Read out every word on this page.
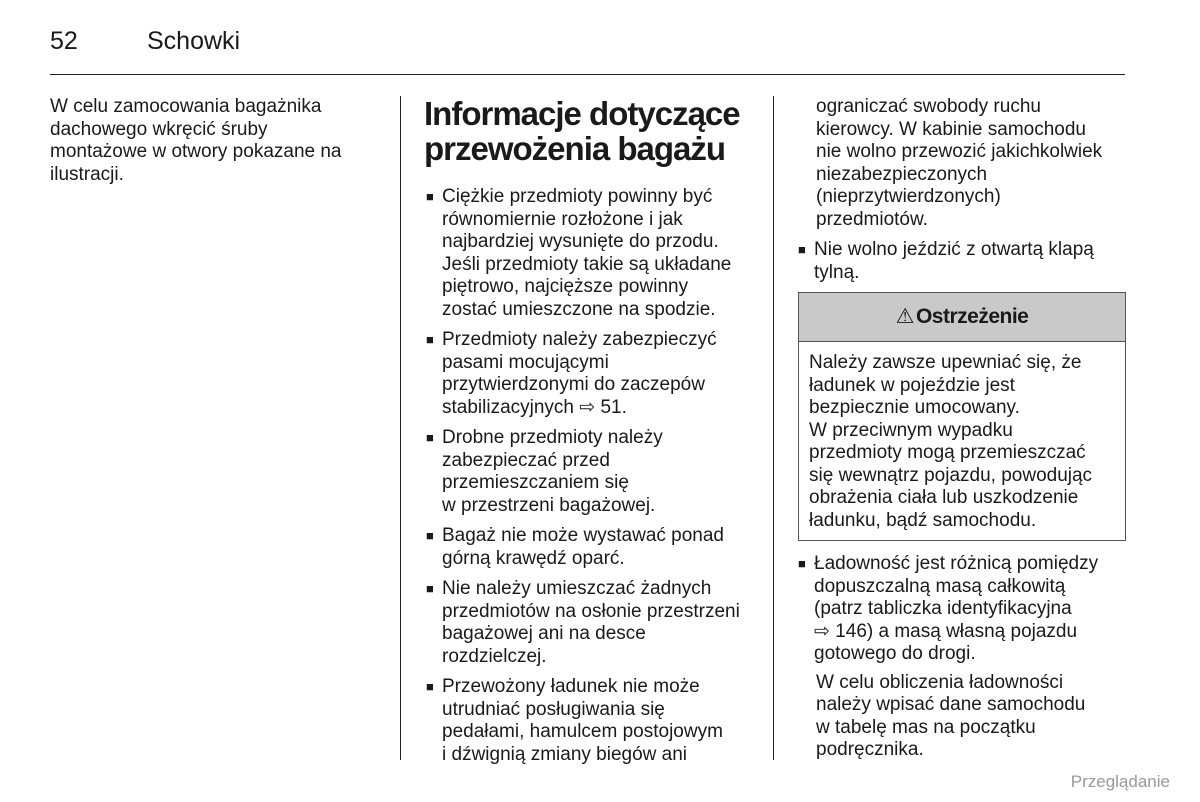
52	Schowki

W celu zamocowania bagażnika
dachowego wkręcić śruby
montażowe w otwory pokazane na
ilustracji.

Informacje dotyczące
przewożenia bagażu
■ Ciężkie przedmioty powinny być
równomiernie rozłożone i jak
najbardziej wysunięte do przodu.
Jeśli przedmioty takie są układane
piętrowo, najcięższe powinny
zostać umieszczone na spodzie.
■ Przedmioty należy zabezpieczyć
pasami mocującymi
przytwierdzonymi do zaczepów
stabilizacyjnych ⇨ 51.
■ Drobne przedmioty należy
zabezpieczać przed
przemieszczaniem się
w przestrzeni bagażowej.
■ Bagaż nie może wystawać ponad
górną krawędź oparć.
■ Nie należy umieszczać żadnych
przedmiotów na osłonie przestrzeni
bagażowej ani na desce
rozdzielczej.
■ Przewożony ładunek nie może
utrudniać posługiwania się
pedałami, hamulcem postojowym
i dźwignią zmiany biegów ani

ograniczać swobody ruchu
kierowcy. W kabinie samochodu
nie wolno przewozić jakichkolwiek
niezabezpieczonych
(nieprzytwierdzonych)
przedmiotów.

■ Nie wolno jeździć z otwartą klapą
tylną.
⚠ Ostrzeżenie
Należy zawsze upewniać się, że
ładunek w pojeździe jest
bezpiecznie umocowany.
W przeciwnym wypadku
przedmioty mogą przemieszczać
się wewnątrz pojazdu, powodując
obrażenia ciała lub uszkodzenie
ładunku, bądź samochodu.
■ Ładowność jest różnicą pomiędzy
dopuszczalną masą całkowitą
(patrz tabliczka identyfikacyjna
⇨ 146) a masą własną pojazdu
gotowego do drogi.

W celu obliczenia ładowności
należy wpisać dane samochodu
w tabelę mas na początku
podręcznika.

Przeglądanie
